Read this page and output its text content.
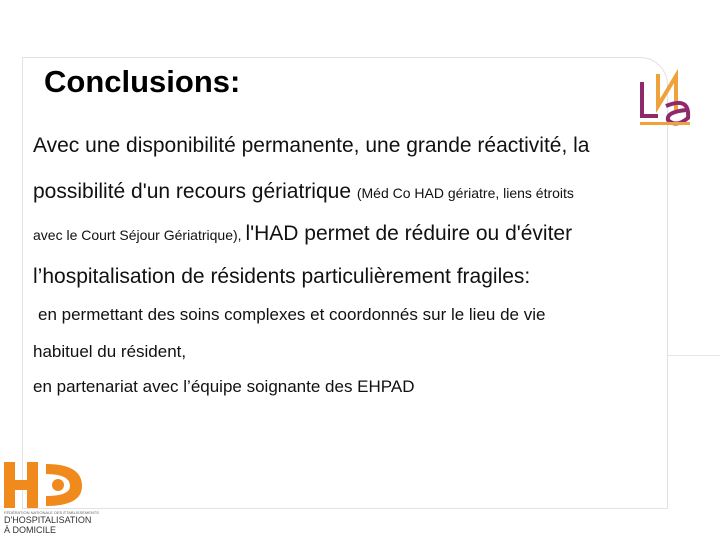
Conclusions:
Avec une disponibilité permanente, une grande réactivité, la
possibilité d'un recours gériatrique (Méd Co HAD gériatre, liens étroits
avec le Court Séjour Gériatrique), l'HAD permet de réduire ou d'éviter
l’hospitalisation de résidents particulièrement fragiles:
en permettant des soins complexes et coordonnés sur le lieu de vie
habituel du résident,
en partenariat avec l’équipe soignante des EHPAD
FÉDÉRATION NATIONALE DES ÉTABLISSEMENTS
D'HOSPITALISATION
À DOMICILE
